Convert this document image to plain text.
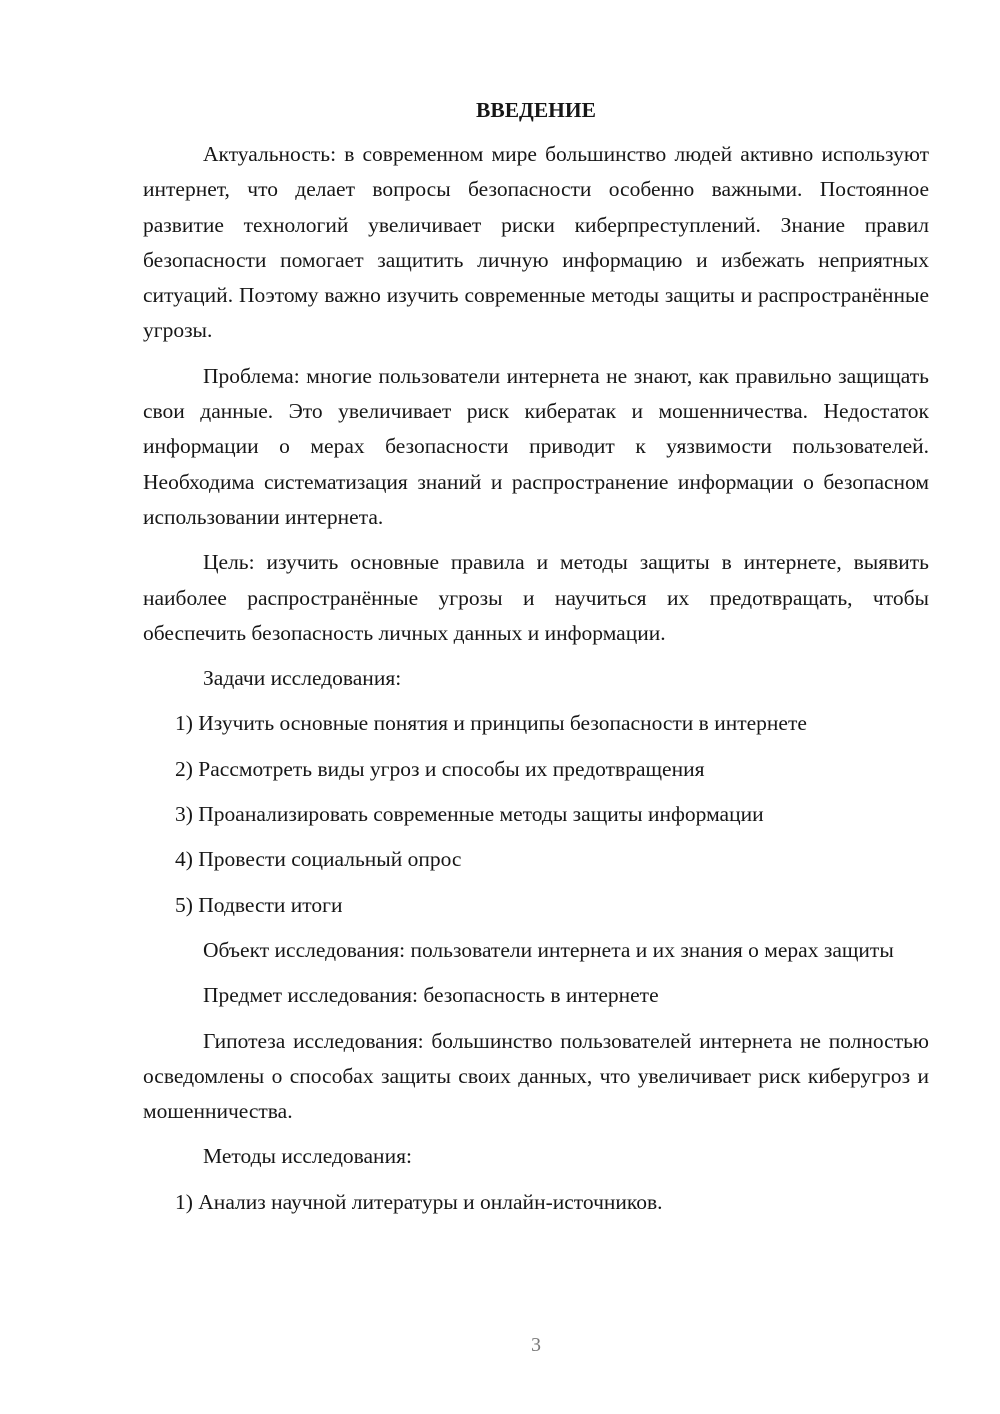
ВВЕДЕНИЕ
Актуальность: в современном мире большинство людей активно используют интернет, что делает вопросы безопасности особенно важными. Постоянное развитие технологий увеличивает риски киберпреступлений. Знание правил безопасности помогает защитить личную информацию и избежать неприятных ситуаций. Поэтому важно изучить современные методы защиты и распространённые угрозы.
Проблема: многие пользователи интернета не знают, как правильно защищать свои данные. Это увеличивает риск кибератак и мошенничества. Недостаток информации о мерах безопасности приводит к уязвимости пользователей. Необходима систематизация знаний и распространение информации о безопасном использовании интернета.
Цель: изучить основные правила и методы защиты в интернете, выявить наиболее распространённые угрозы и научиться их предотвращать, чтобы обеспечить безопасность личных данных и информации.
Задачи исследования:
1) Изучить основные понятия и принципы безопасности в интернете
2) Рассмотреть виды угроз и способы их предотвращения
3) Проанализировать современные методы защиты информации
4) Провести социальный опрос
5) Подвести итоги
Объект исследования: пользователи интернета и их знания о мерах защиты
Предмет исследования: безопасность в интернете
Гипотеза исследования: большинство пользователей интернета не полностью осведомлены о способах защиты своих данных, что увеличивает риск киберугроз и мошенничества.
Методы исследования:
1) Анализ научной литературы и онлайн-источников.
3
